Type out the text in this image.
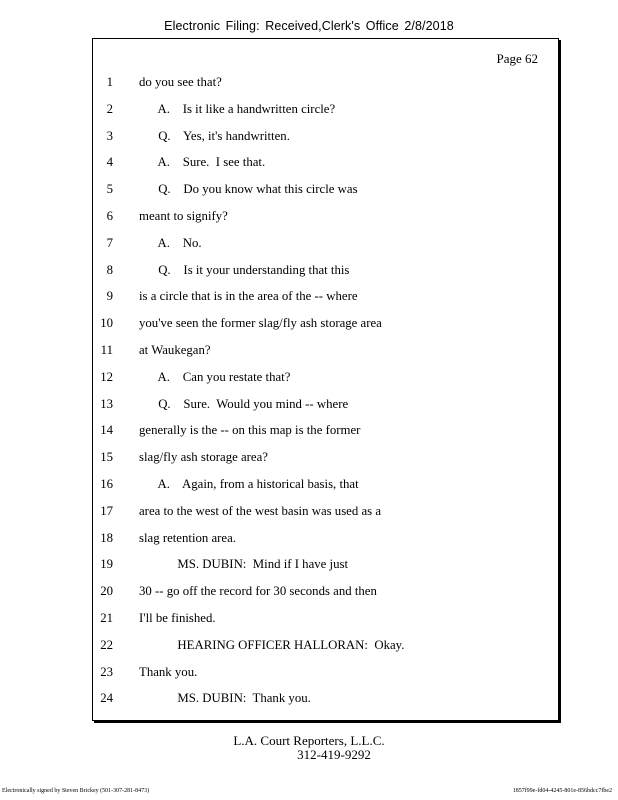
Electronic Filing: Received,Clerk's Office 2/8/2018
Page 62
1 do you see that?
2 A.    Is it like a handwritten circle?
3 Q.    Yes, it's handwritten.
4 A.    Sure.  I see that.
5 Q.    Do you know what this circle was
6 meant to signify?
7 A.    No.
8 Q.    Is it your understanding that this
9 is a circle that is in the area of the -- where
10 you've seen the former slag/fly ash storage area
11 at Waukegan?
12 A.    Can you restate that?
13 Q.    Sure.  Would you mind -- where
14 generally is the -- on this map is the former
15 slag/fly ash storage area?
16 A.    Again, from a historical basis, that
17 area to the west of the west basin was used as a
18 slag retention area.
19 MS. DUBIN:  Mind if I have just
20 30 -- go off the record for 30 seconds and then
21 I'll be finished.
22 HEARING OFFICER HALLORAN:  Okay.
23 Thank you.
24 MS. DUBIN:  Thank you.
L.A. Court Reporters, L.L.C.
312-419-9292
Electronically signed by Steven Brickey (501-307-281-8473)	1857f99e-fd04-4245-801e-856bdcc7fbe2
